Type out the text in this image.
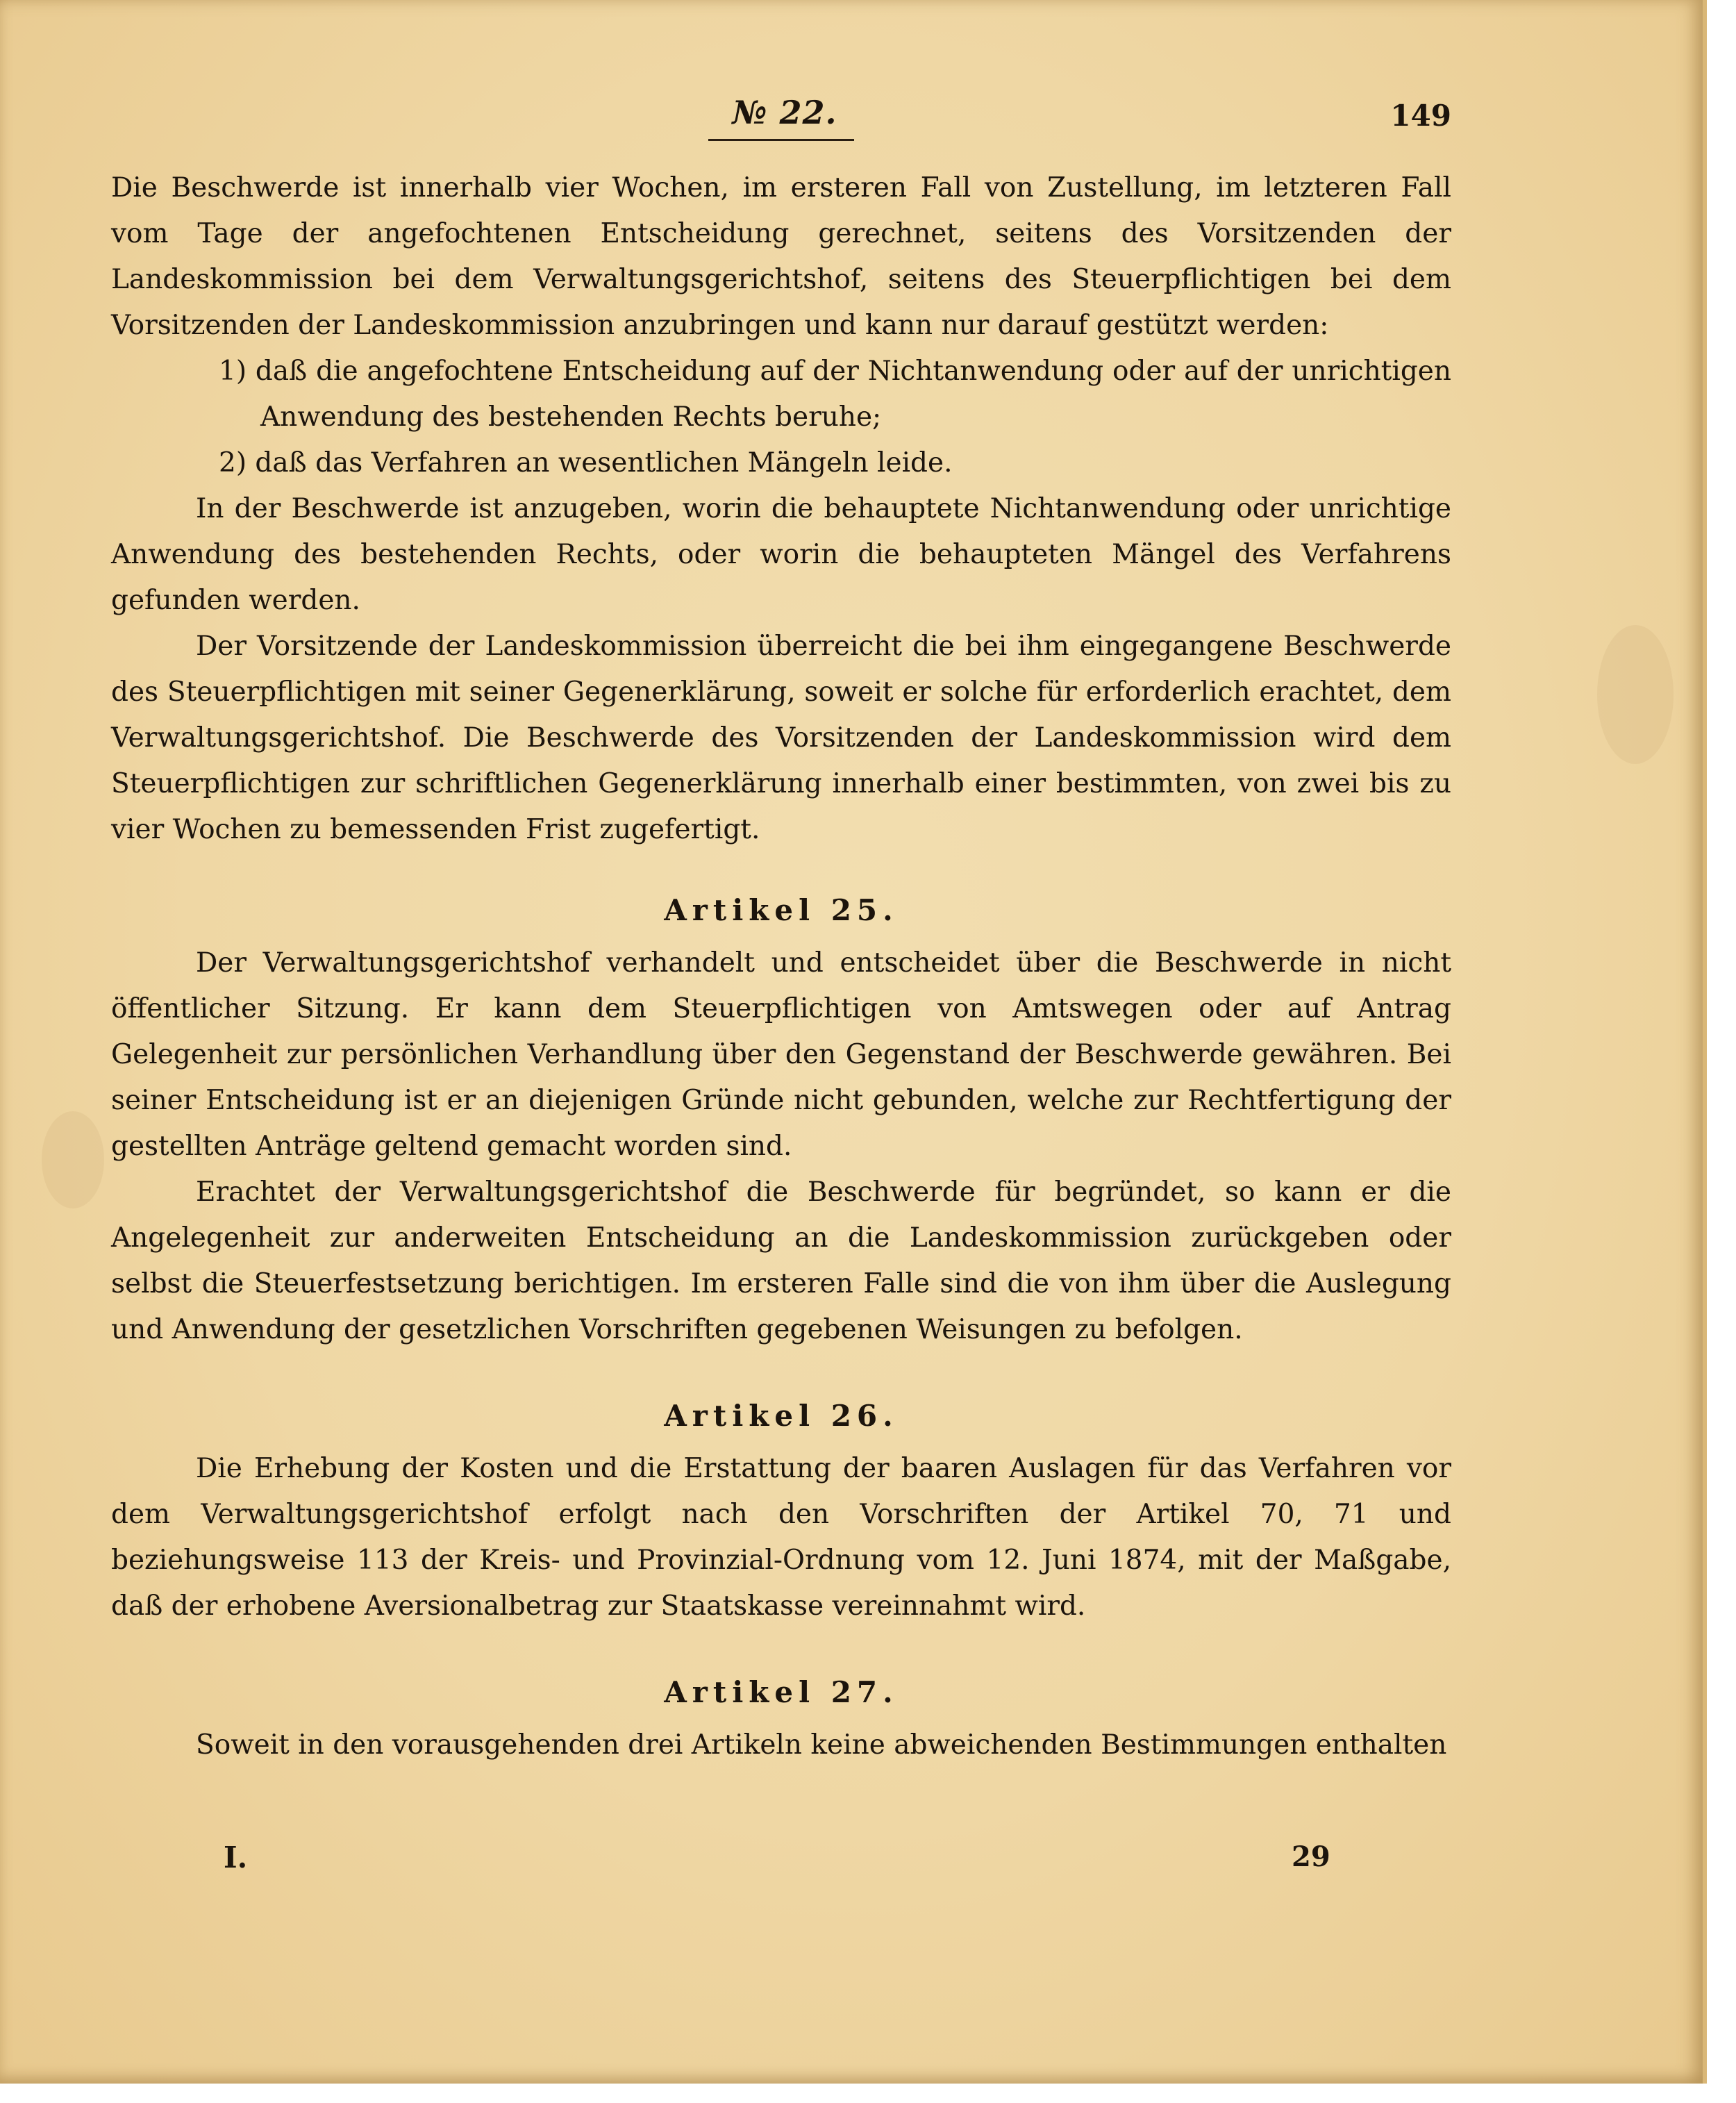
№ 22.	149

Die Beschwerde ist innerhalb vier Wochen, im ersteren Fall von Zustellung, im letzteren Fall vom Tage der angefochtenen Entscheidung gerechnet, seitens des Vorsitzenden der Landeskommission bei dem Verwaltungsgerichtshof, seitens des Steuerpflichtigen bei dem Vorsitzenden der Landeskommission anzubringen und kann nur darauf gestützt werden:

1) daß die angefochtene Entscheidung auf der Nichtanwendung oder auf der unrichtigen Anwendung des bestehenden Rechts beruhe;

2) daß das Verfahren an wesentlichen Mängeln leide.

In der Beschwerde ist anzugeben, worin die behauptete Nichtanwendung oder unrichtige Anwendung des bestehenden Rechts, oder worin die behaupteten Mängel des Verfahrens gefunden werden.

Der Vorsitzende der Landeskommission überreicht die bei ihm eingegangene Beschwerde des Steuerpflichtigen mit seiner Gegenerklärung, soweit er solche für erforderlich erachtet, dem Verwaltungsgerichtshof. Die Beschwerde des Vorsitzenden der Landeskommission wird dem Steuerpflichtigen zur schriftlichen Gegenerklärung innerhalb einer bestimmten, von zwei bis zu vier Wochen zu bemessenden Frist zugefertigt.

Artikel 25.

Der Verwaltungsgerichtshof verhandelt und entscheidet über die Beschwerde in nicht öffentlicher Sitzung. Er kann dem Steuerpflichtigen von Amtswegen oder auf Antrag Gelegenheit zur persönlichen Verhandlung über den Gegenstand der Beschwerde gewähren. Bei seiner Entscheidung ist er an diejenigen Gründe nicht gebunden, welche zur Rechtfertigung der gestellten Anträge geltend gemacht worden sind.

Erachtet der Verwaltungsgerichtshof die Beschwerde für begründet, so kann er die Angelegenheit zur anderweiten Entscheidung an die Landeskommission zurückgeben oder selbst die Steuerfestsetzung berichtigen. Im ersteren Falle sind die von ihm über die Auslegung und Anwendung der gesetzlichen Vorschriften gegebenen Weisungen zu befolgen.

Artikel 26.

Die Erhebung der Kosten und die Erstattung der baaren Auslagen für das Verfahren vor dem Verwaltungsgerichtshof erfolgt nach den Vorschriften der Artikel 70, 71 und beziehungsweise 113 der Kreis- und Provinzial-Ordnung vom 12. Juni 1874, mit der Maßgabe, daß der erhobene Aversionalbetrag zur Staatskasse vereinnahmt wird.

Artikel 27.

Soweit in den vorausgehenden drei Artikeln keine abweichenden Bestimmungen enthalten

I.	29
